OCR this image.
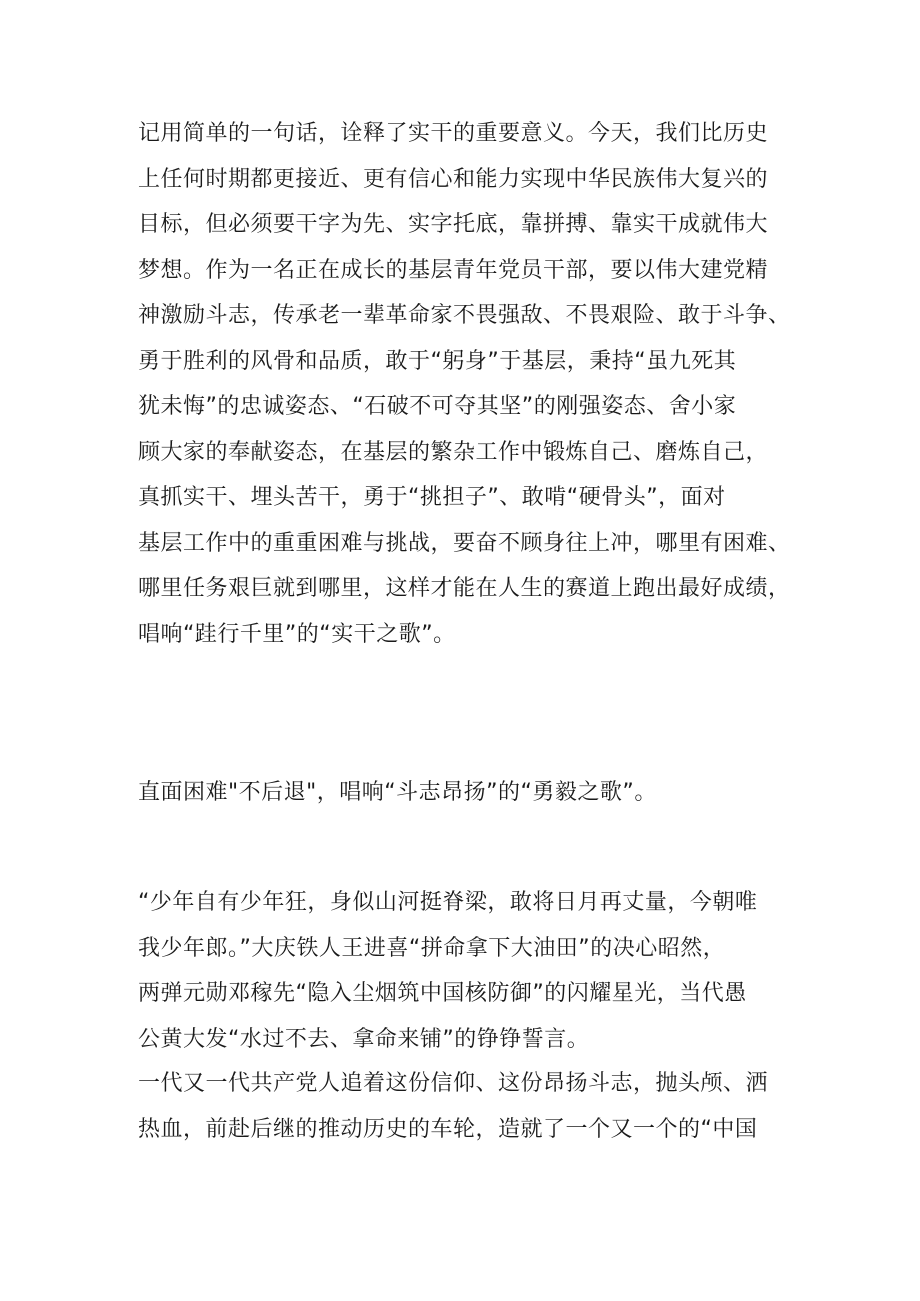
记用简单的一句话，诠释了实干的重要意义。今天，我们比历史
上任何时期都更接近、更有信心和能力实现中华民族伟大复兴的
目标，但必须要干字为先、实字托底，靠拼搏、靠实干成就伟大
梦想。作为一名正在成长的基层青年党员干部，要以伟大建党精
神激励斗志，传承老一辈革命家不畏强敌、不畏艰险、敢于斗争、
勇于胜利的风骨和品质，敢于“躬身”于基层，秉持“虽九死其
犹未悔”的忠诚姿态、“石破不可夺其坚”的刚强姿态、舍小家
顾大家的奉献姿态，在基层的繁杂工作中锻炼自己、磨炼自己，
真抓实干、埋头苦干，勇于“挑担子”、敢啃“硬骨头”，面对
基层工作中的重重困难与挑战，要奋不顾身往上冲，哪里有困难、
哪里任务艰巨就到哪里，这样才能在人生的赛道上跑出最好成绩，
唱响“跬行千里”的“实干之歌”。
直面困难"不后退"，唱响“斗志昂扬”的“勇毅之歌”。
“少年自有少年狂，身似山河挺脊梁，敢将日月再丈量，今朝唯
我少年郎。”大庆铁人王进喜“拼命拿下大油田”的决心昭然，
两弹元勋邓稼先“隐入尘烟筑中国核防御”的闪耀星光，当代愚
公黄大发“水过不去、拿命来铺”的铮铮誓言。
一代又一代共产党人追着这份信仰、这份昂扬斗志，抛头颅、洒
热血，前赴后继的推动历史的车轮，造就了一个又一个的“中国
